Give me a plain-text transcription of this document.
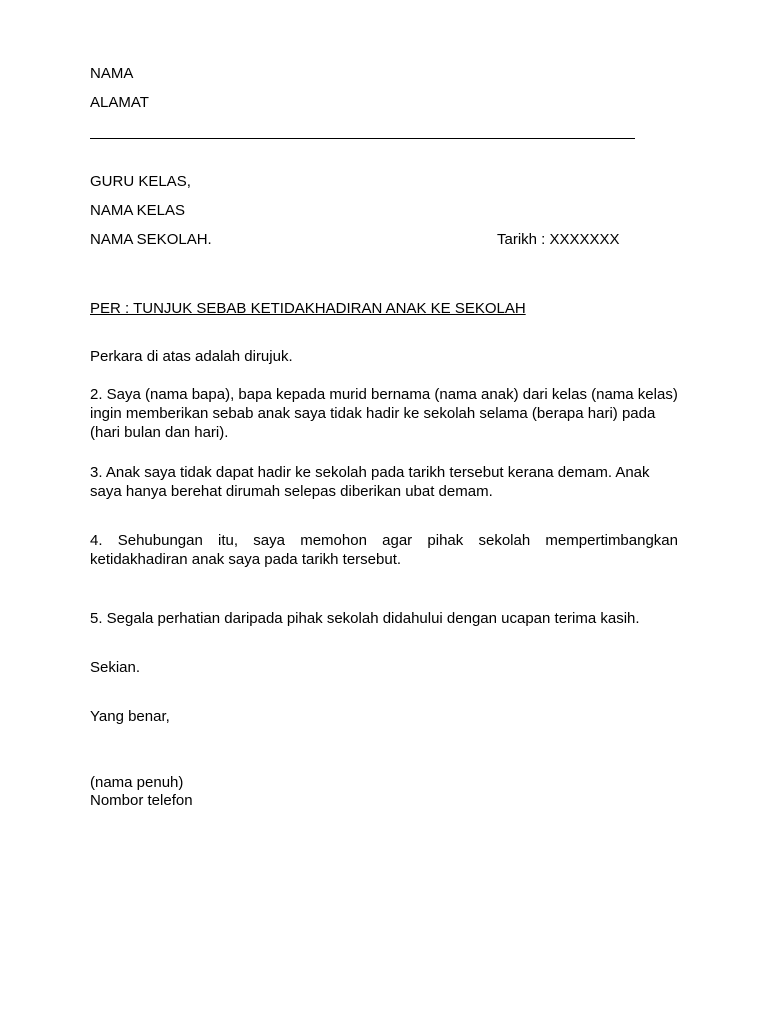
NAMA
ALAMAT
GURU KELAS,
NAMA KELAS
NAMA SEKOLAH.	Tarikh : XXXXXXX
PER : TUNJUK SEBAB KETIDAKHADIRAN ANAK KE SEKOLAH
Perkara di atas adalah dirujuk.
2. Saya (nama bapa), bapa kepada murid bernama (nama anak) dari kelas (nama kelas) ingin memberikan sebab anak saya tidak hadir ke sekolah selama (berapa hari) pada (hari bulan dan hari).
3. Anak saya tidak dapat hadir ke sekolah pada tarikh tersebut kerana demam. Anak saya hanya berehat dirumah selepas diberikan ubat demam.
4. Sehubungan itu, saya memohon agar pihak sekolah mempertimbangkan ketidakhadiran anak saya pada tarikh tersebut.
5. Segala perhatian daripada pihak sekolah didahului dengan ucapan terima kasih.
Sekian.
Yang benar,
(nama penuh)
Nombor telefon
